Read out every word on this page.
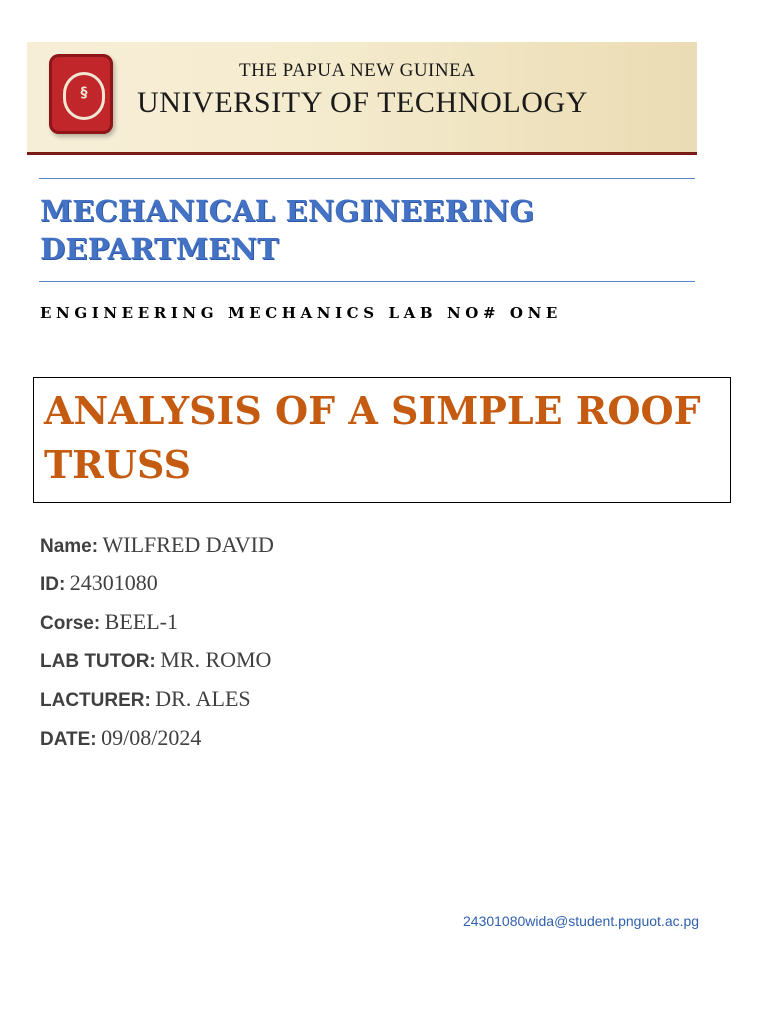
§
THE PAPUA NEW GUINEA
UNIVERSITY OF TECHNOLOGY
MECHANICAL ENGINEERING DEPARTMENT
ENGINEERING MECHANICS LAB NO# ONE
ANALYSIS OF A SIMPLE ROOF TRUSS
Name: WILFRED DAVID
ID: 24301080
Corse: BEEL-1
LAB TUTOR: MR. ROMO
LACTURER: DR. ALES
DATE: 09/08/2024
24301080wida@student.pnguot.ac.pg
